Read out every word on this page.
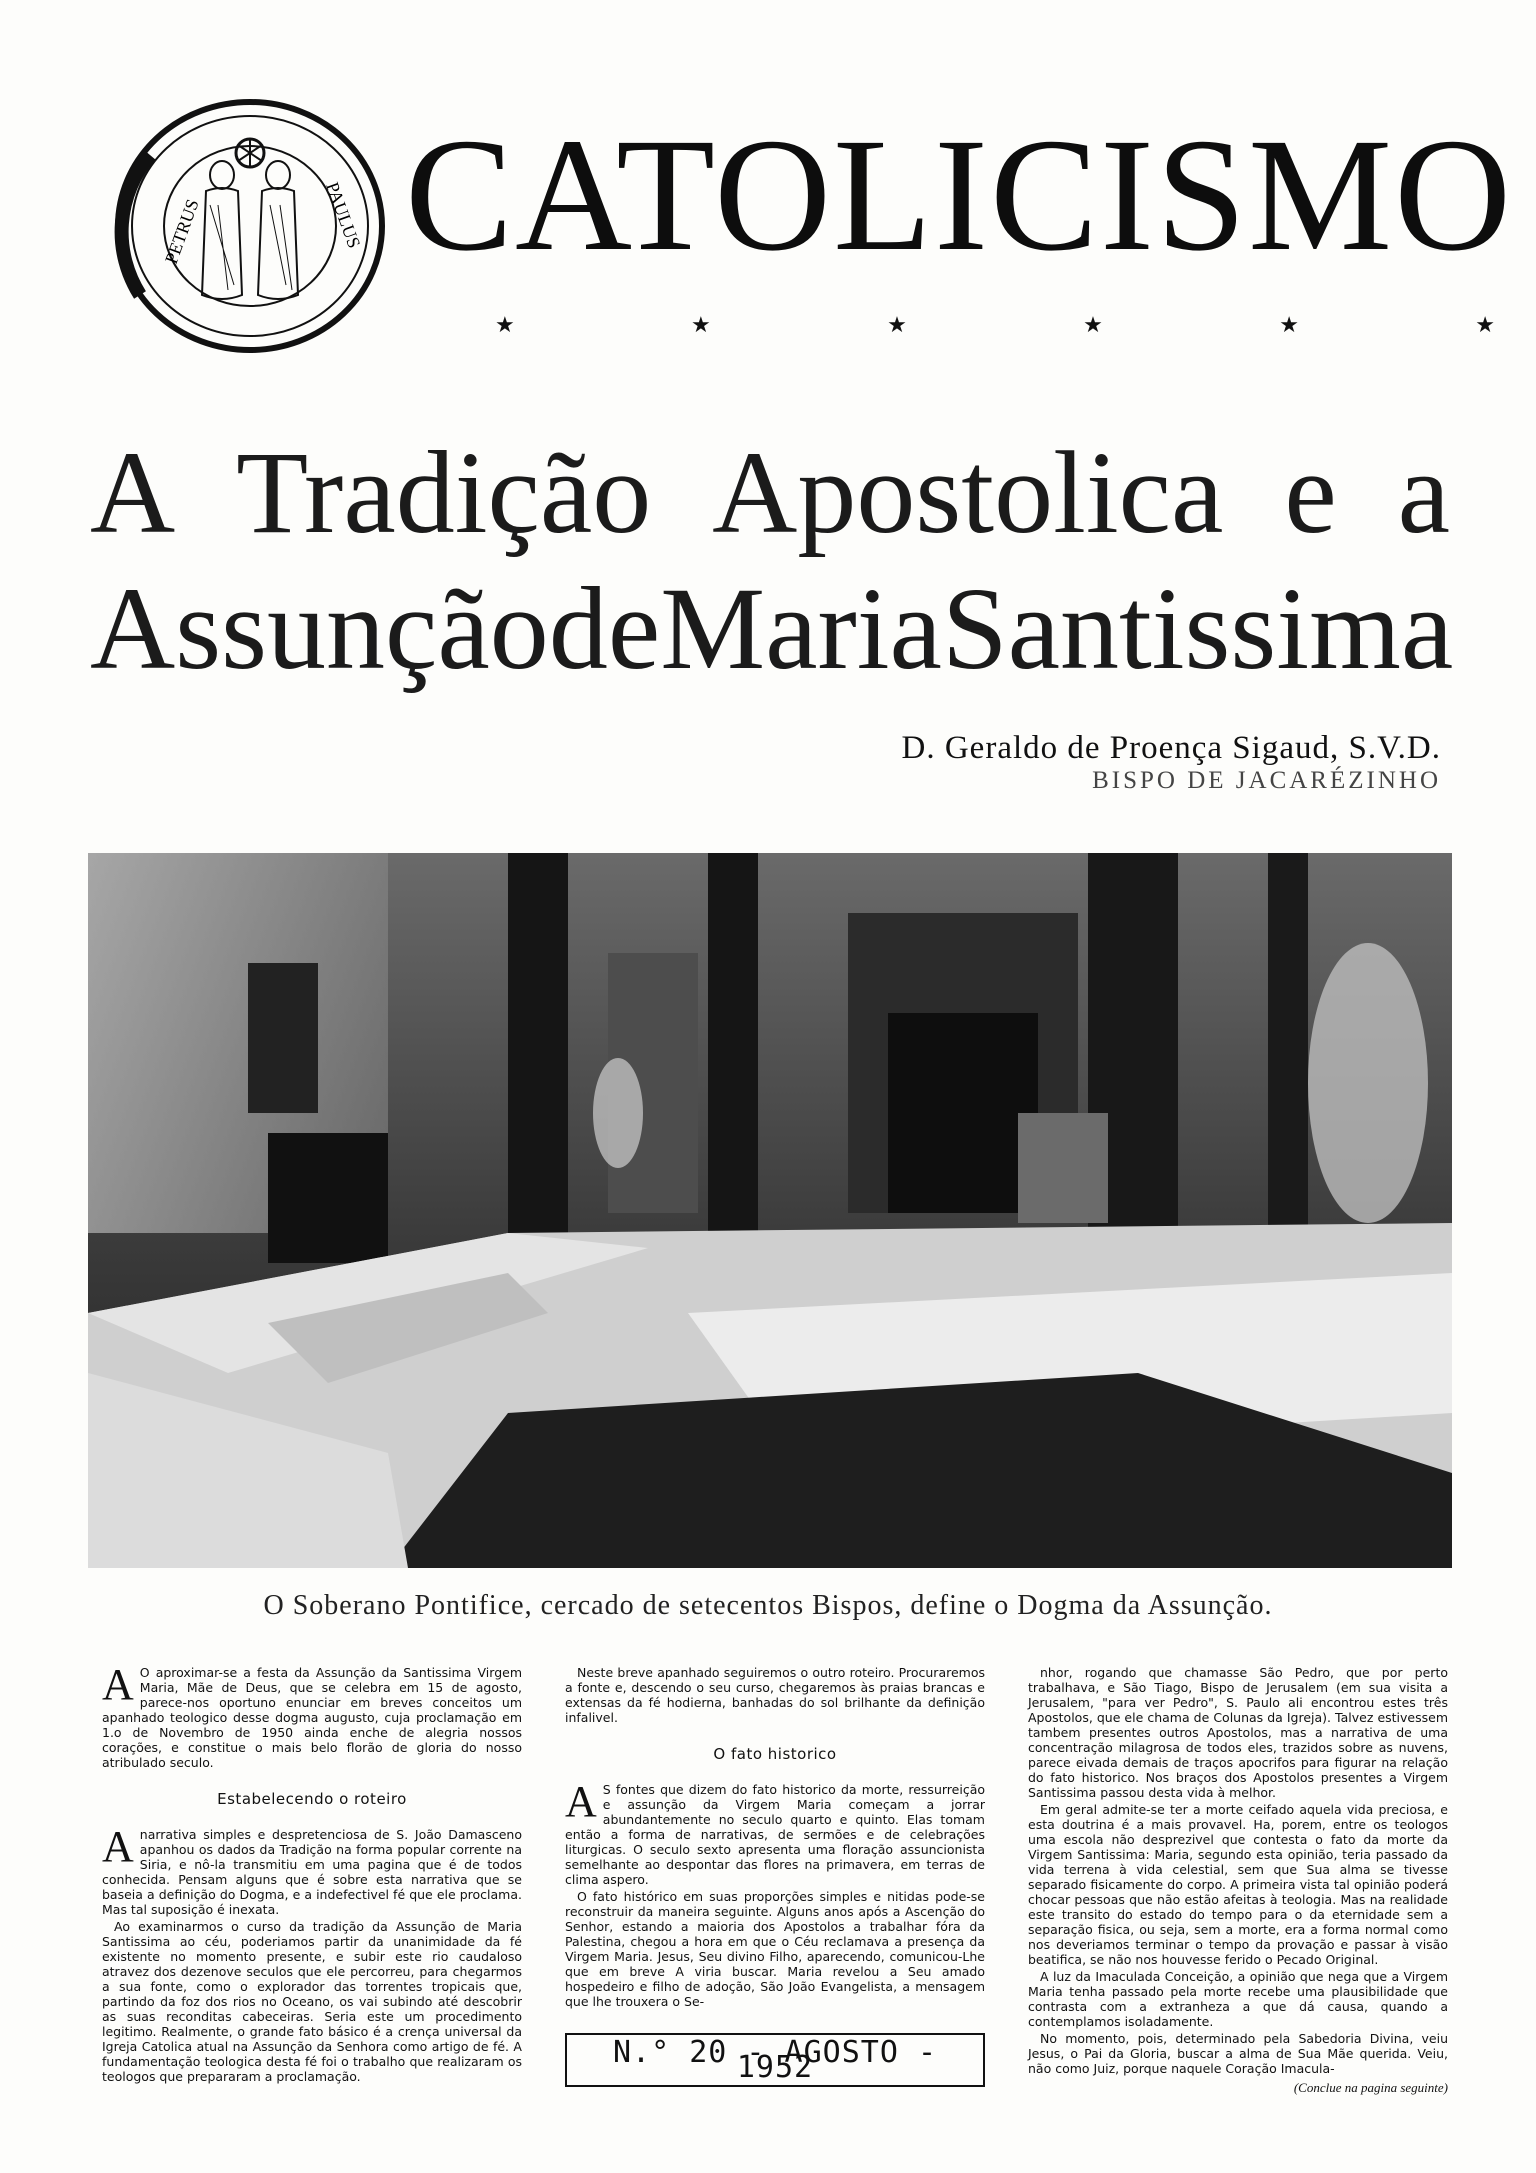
PETRUS	PAULUS CATOLICISMO
★	★	★	★	★	★
A Tradição Apostolica e a
Assunção de Maria Santissima
D. Geraldo de Proença Sigaud, S.V.D.
BISPO DE JACARÉZINHO
O Soberano Pontifice, cercado de setecentos Bispos, define o Dogma da Assunção.

A O aproximar-se a festa da Assunção da Santissima Virgem Maria, Mãe de Deus, que se celebra em 15 de agosto, parece-nos oportuno enunciar em breves conceitos um apanhado teologico desse dogma augusto, cuja proclamação em 1.o de Novembro de 1950 ainda enche de alegria nossos corações, e constitue o mais belo florão de gloria do nosso atribulado seculo.

Estabelecendo o roteiro

Anarrativa simples e despretenciosa de S. João Damasceno apanhou os dados da Tradição na forma popular corrente na Siria, e nô-la transmitiu em uma pagina que é de todos conhecida. Pensam alguns que é sobre esta narrativa que se baseia a definição do Dogma, e a indefectivel fé que ele proclama. Mas tal suposição é inexata.

Ao examinarmos o curso da tradição da Assunção de Maria Santissima ao céu, poderiamos partir da unanimidade da fé existente no momento presente, e subir este rio caudaloso atravez dos dezenove seculos que ele percorreu, para chegarmos a sua fonte, como o explorador das torrentes tropicais que, partindo da foz dos rios no Oceano, os vai subindo até descobrir as suas reconditas cabeceiras. Seria este um procedimento legitimo. Realmente, o grande fato básico é a crença universal da Igreja Catolica atual na Assunção da Senhora como artigo de fé. A fundamentação teologica desta fé foi o trabalho que realizaram os teologos que prepararam a proclamação.

Neste breve apanhado seguiremos o outro roteiro. Procuraremos a fonte e, descendo o seu curso, chegaremos às praias brancas e extensas da fé hodierna, banhadas do sol brilhante da definição infalivel.

O fato historico

A S fontes que dizem do fato historico da morte, ressurreição e assunção da Virgem Maria começam a jorrar abundantemente no seculo quarto e quinto. Elas tomam então a forma de narrativas, de sermões e de celebrações liturgicas. O seculo sexto apresenta uma floração assuncionista semelhante ao despontar das flores na primavera, em terras de clima aspero.

O fato histórico em suas proporções simples e nitidas pode-se reconstruir da maneira seguinte. Alguns anos após a Ascenção do Senhor, estando a maioria dos Apostolos a trabalhar fóra da Palestina, chegou a hora em que o Céu reclamava a presença da Virgem Maria. Jesus, Seu divino Filho, aparecendo, comunicou-Lhe que em breve A viria buscar. Maria revelou a Seu amado hospedeiro e filho de adoção, São João Evangelista, a mensagem que lhe trouxera o Se-

N.° 20 - AGOSTO - 1952

nhor, rogando que chamasse São Pedro, que por perto trabalhava, e São Tiago, Bispo de Jerusalem (em sua visita a Jerusalem, "para ver Pedro", S. Paulo ali encontrou estes três Apostolos, que ele chama de Colunas da Igreja). Talvez estivessem tambem presentes outros Apostolos, mas a narrativa de uma concentração milagrosa de todos eles, trazidos sobre as nuvens, parece eivada demais de traços apocrifos para figurar na relação do fato historico. Nos braços dos Apostolos presentes a Virgem Santissima passou desta vida à melhor.

Em geral admite-se ter a morte ceifado aquela vida preciosa, e esta doutrina é a mais provavel. Ha, porem, entre os teologos uma escola não desprezivel que contesta o fato da morte da Virgem Santissima: Maria, segundo esta opinião, teria passado da vida terrena à vida celestial, sem que Sua alma se tivesse separado fisicamente do corpo. A primeira vista tal opinião poderá chocar pessoas que não estão afeitas à teologia. Mas na realidade este transito do estado do tempo para o da eternidade sem a separação fisica, ou seja, sem a morte, era a forma normal como nos deveriamos terminar o tempo da provação e passar à visão beatifica, se não nos houvesse ferido o Pecado Original.

A luz da Imaculada Conceição, a opinião que nega que a Virgem Maria tenha passado pela morte recebe uma plausibilidade que contrasta com a extranheza a que dá causa, quando a contemplamos isoladamente.

No momento, pois, determinado pela Sabedoria Divina, veiu Jesus, o Pai da Gloria, buscar a alma de Sua Mãe querida. Veiu, não como Juiz, porque naquele Coração Imacula-

(Conclue na pagina seguinte)
